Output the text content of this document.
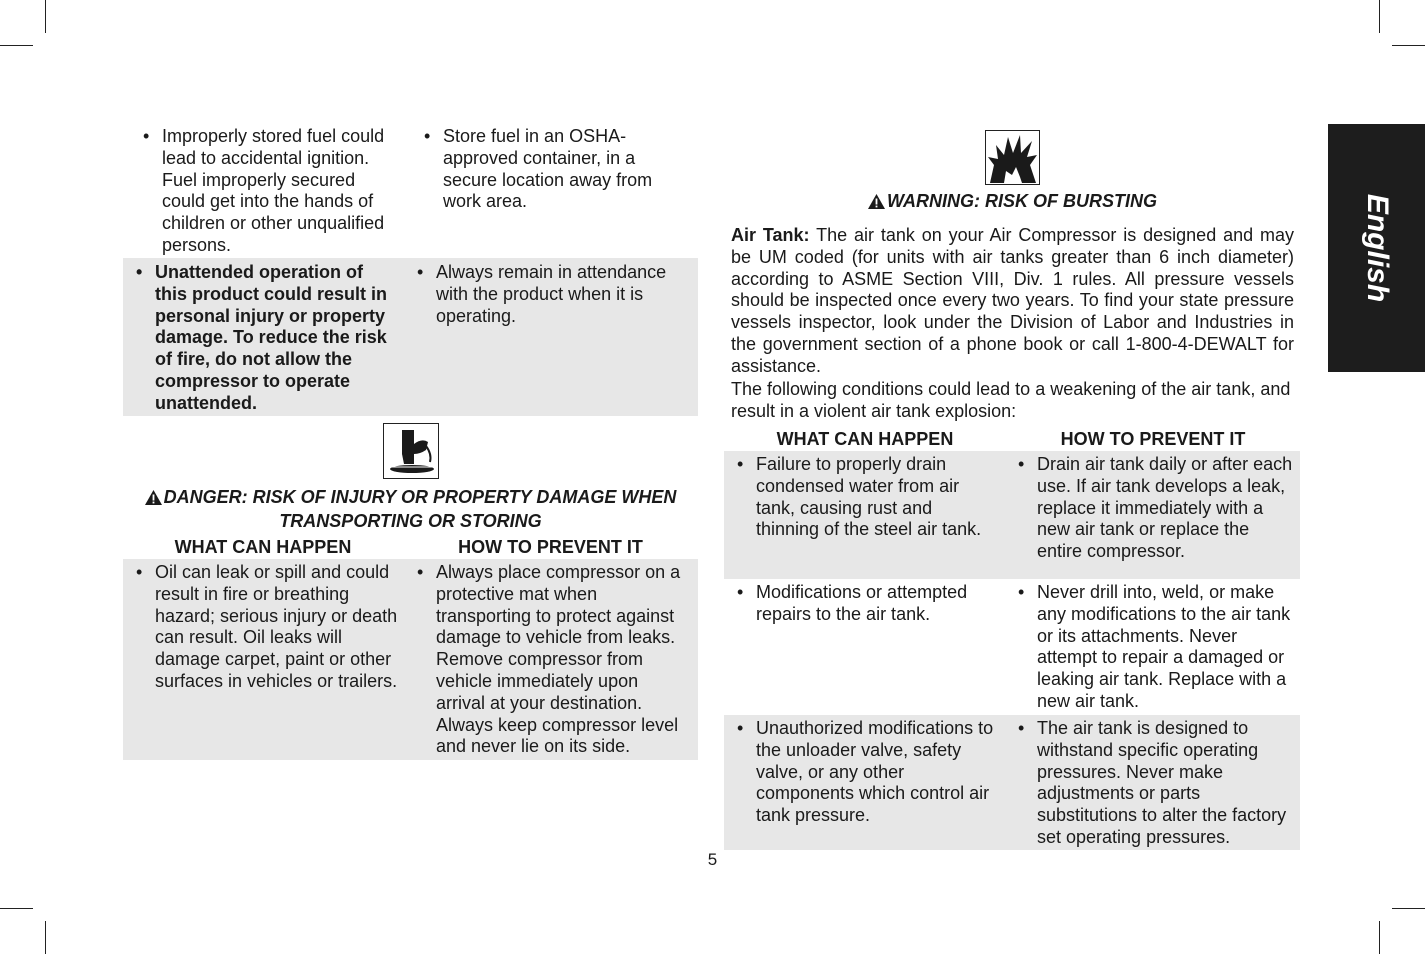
English
• Improperly stored fuel could lead to accidental ignition. Fuel improperly secured could get into the hands of children or other unqualified persons.
• Store fuel in an OSHA-approved container, in a secure location away from work area.
• Unattended operation of this product could result in personal injury or property damage. To reduce the risk of fire, do not allow the compressor to operate unattended.
• Always remain in attendance with the product when it is operating.
DANGER: RISK OF INJURY OR PROPERTY DAMAGE WHEN
TRANSPORTING OR STORING
WHAT CAN HAPPEN	HOW TO PREVENT IT
• Oil can leak or spill and could result in fire or breathing hazard; serious injury or death can result. Oil leaks will damage carpet, paint or other surfaces in vehicles or trailers.
• Always place compressor on a protective mat when transporting to protect against damage to vehicle from leaks. Remove compressor from vehicle immediately upon arrival at your destination. Always keep compressor level and never lie on its side.
WARNING: RISK OF BURSTING
Air Tank: The air tank on your Air Compressor is designed and may be UM coded (for units with air tanks greater than 6 inch diameter) according to ASME Section VIII, Div. 1 rules. All pressure vessels should be inspected once every two years. To find your state pressure vessels inspector, look under the Division of Labor and Industries in the government section of a phone book or call 1-800-4-DEWALT for assistance.
The following conditions could lead to a weakening of the air tank, and result in a violent air tank explosion:
WHAT CAN HAPPEN	HOW TO PREVENT IT
• Failure to properly drain condensed water from air tank, causing rust and thinning of the steel air tank.
• Drain air tank daily or after each use. If air tank develops a leak, replace it immediately with a new air tank or replace the entire compressor.
• Modifications or attempted repairs to the air tank.
• Never drill into, weld, or make any modifications to the air tank or its attachments. Never attempt to repair a damaged or leaking air tank. Replace with a new air tank.
• Unauthorized modifications to the unloader valve, safety valve, or any other components which control air tank pressure.
• The air tank is designed to withstand specific operating pressures. Never make adjustments or parts substitutions to alter the factory set operating pressures.
5
